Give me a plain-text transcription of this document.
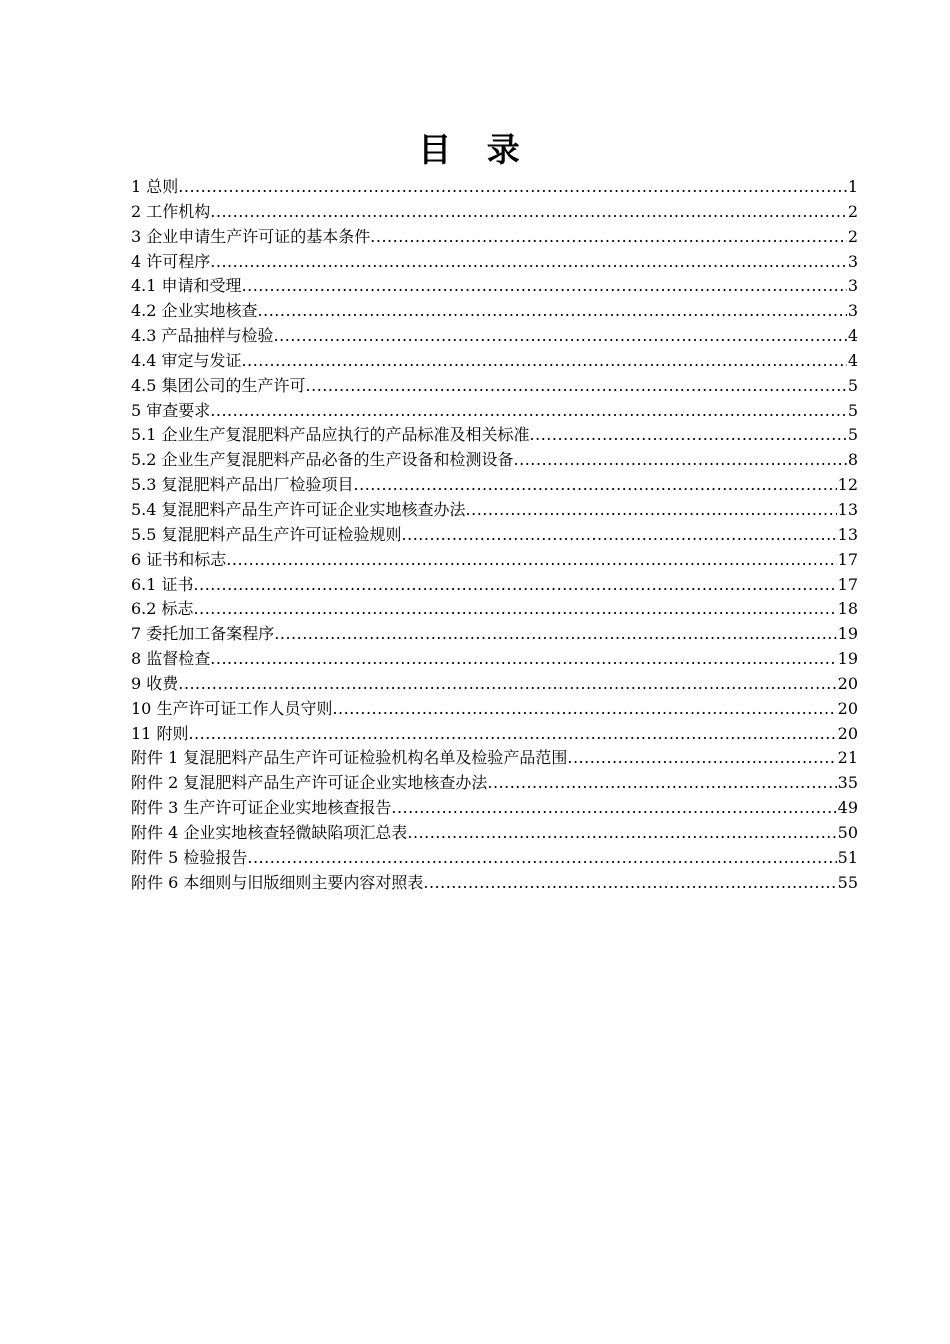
目 录
1 总则 .....	1
2 工作机构 .....	2
3 企业申请生产许可证的基本条件 .....	2
4 许可程序 .....	3
4.1 申请和受理 .....	3
4.2 企业实地核查 .....	3
4.3 产品抽样与检验 .....	4
4.4 审定与发证 .....	4
4.5 集团公司的生产许可 .....	5
5 审查要求 .....	5
5.1 企业生产复混肥料产品应执行的产品标准及相关标准 .....	5
5.2 企业生产复混肥料产品必备的生产设备和检测设备 .....	8
5.3 复混肥料产品出厂检验项目 .....	12
5.4 复混肥料产品生产许可证企业实地核查办法 .....	13
5.5 复混肥料产品生产许可证检验规则 .....	13
6 证书和标志 .....	17
6.1 证书 .....	17
6.2 标志 .....	18
7 委托加工备案程序 .....	19
8 监督检查 .....	19
9 收费 .....	20
10 生产许可证工作人员守则 .....	20
11 附则 .....	20
附件 1 复混肥料产品生产许可证检验机构名单及检验产品范围 .....	21
附件 2 复混肥料产品生产许可证企业实地核查办法 .....	35
附件 3 生产许可证企业实地核查报告 .....	49
附件 4 企业实地核查轻微缺陷项汇总表 .....	50
附件 5 检验报告 .....	51
附件 6 本细则与旧版细则主要内容对照表 .....	55
